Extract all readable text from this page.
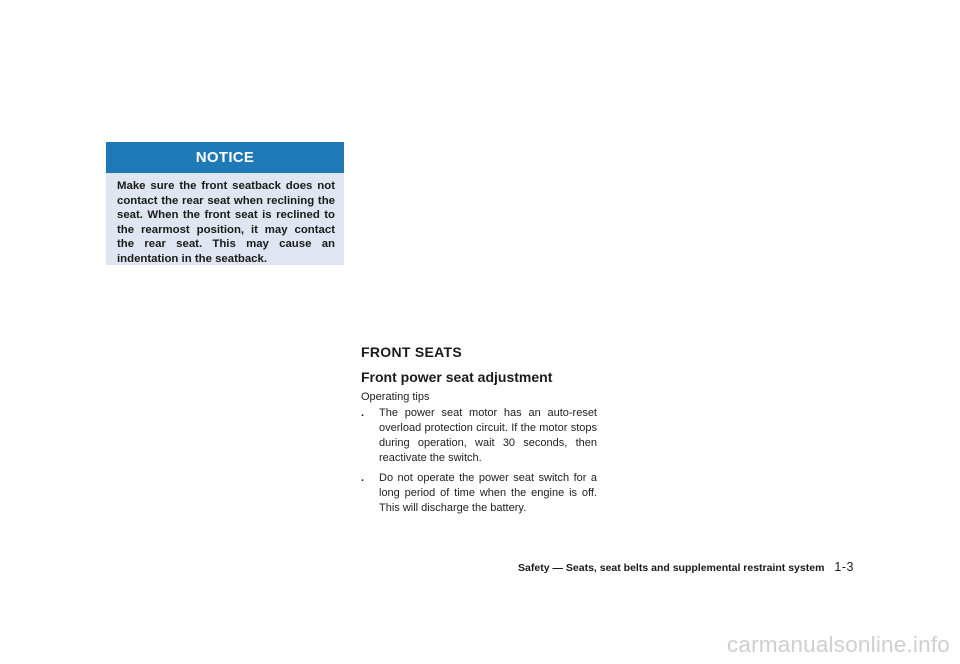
NOTICE
Make sure the front seatback does not contact the rear seat when reclining the seat. When the front seat is reclined to the rearmost position, it may contact the rear seat. This may cause an indentation in the seatback.
FRONT SEATS
Front power seat adjustment

Operating tips

.	The power seat motor has an auto-reset overload protection circuit. If the motor stops during operation, wait 30 seconds, then reactivate the switch.
.	Do not operate the power seat switch for a long period of time when the engine is off. This will discharge the battery.
Safety — Seats, seat belts and supplemental restraint system 1-3
carmanualsonline.info
